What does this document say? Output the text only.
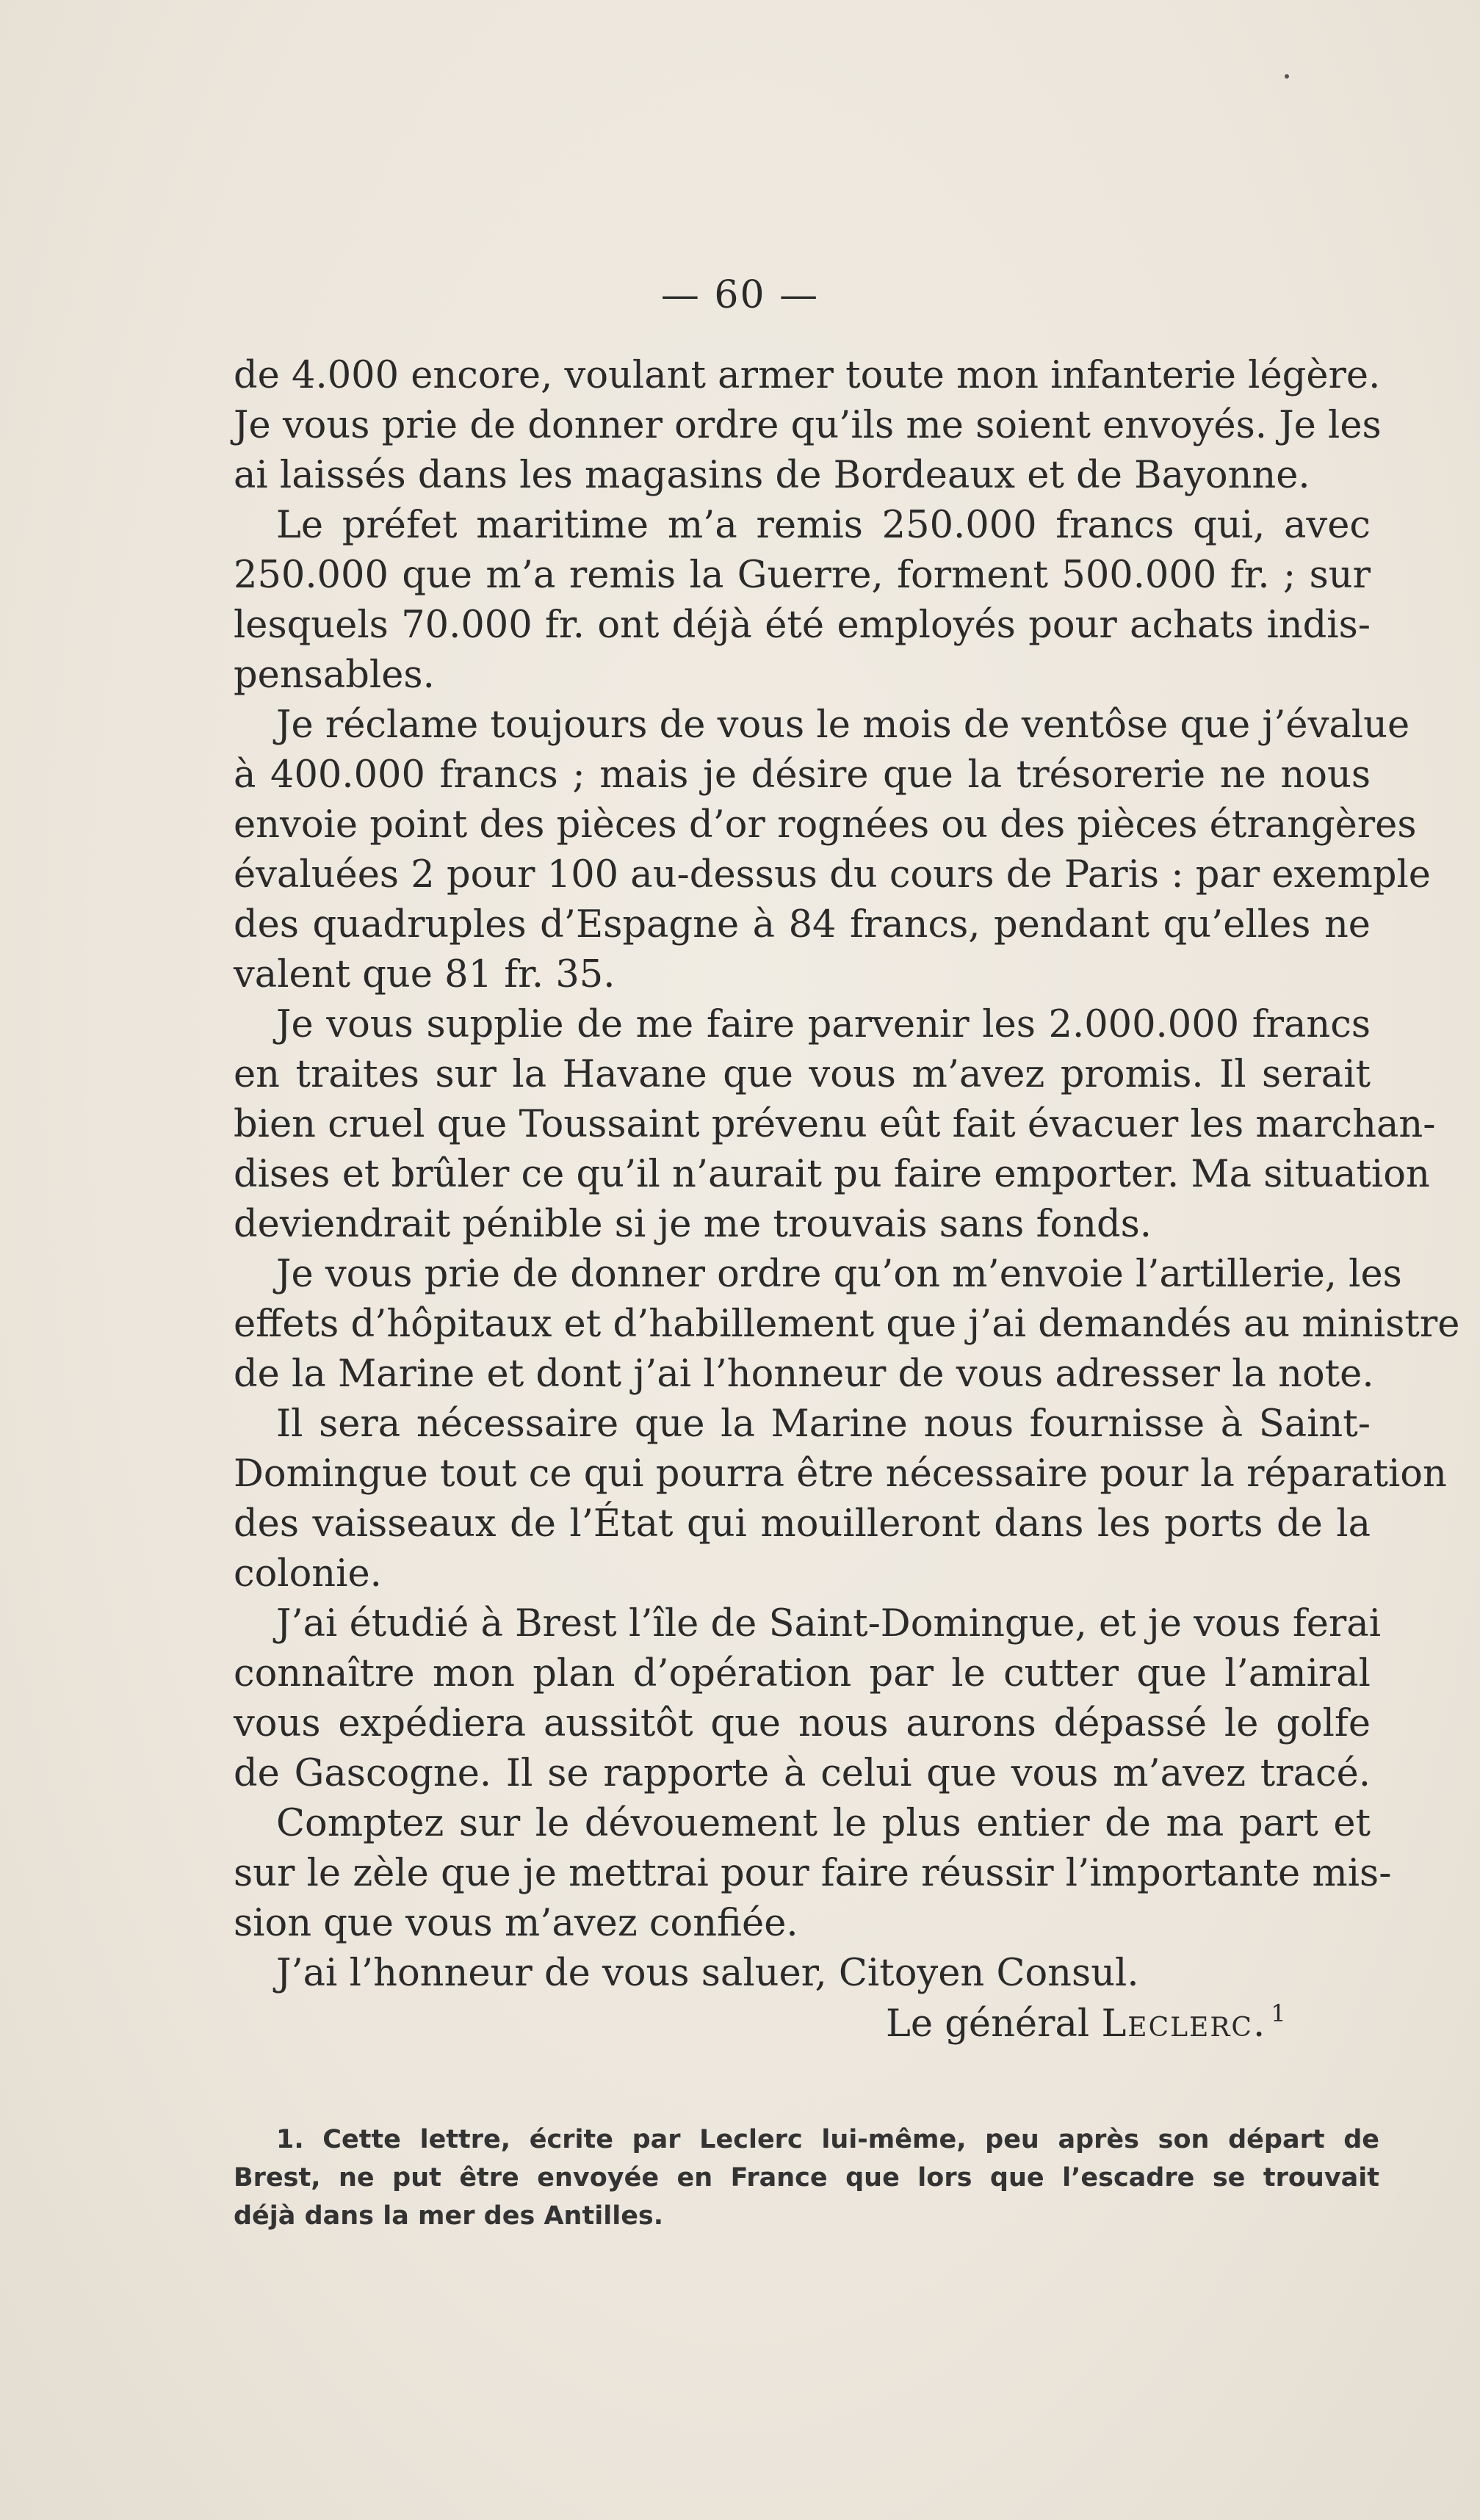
— 60 —
de 4.000 encore, voulant armer toute mon infanterie légère.
Je vous prie de donner ordre qu’ils me soient envoyés. Je les
ai laissés dans les magasins de Bordeaux et de Bayonne.
Le préfet maritime m’a remis 250.000 francs qui, avec
250.000 que m’a remis la Guerre, forment 500.000 fr. ; sur
lesquels 70.000 fr. ont déjà été employés pour achats indis-
pensables.
Je réclame toujours de vous le mois de ventôse que j’évalue
à 400.000 francs ; mais je désire que la trésorerie ne nous
envoie point des pièces d’or rognées ou des pièces étrangères
évaluées 2 pour 100 au-dessus du cours de Paris : par exemple
des quadruples d’Espagne à 84 francs, pendant qu’elles ne
valent que 81 fr. 35.
Je vous supplie de me faire parvenir les 2.000.000 francs
en traites sur la Havane que vous m’avez promis. Il serait
bien cruel que Toussaint prévenu eût fait évacuer les marchan-
dises et brûler ce qu’il n’aurait pu faire emporter. Ma situation
deviendrait pénible si je me trouvais sans fonds.
Je vous prie de donner ordre qu’on m’envoie l’artillerie, les
effets d’hôpitaux et d’habillement que j’ai demandés au ministre
de la Marine et dont j’ai l’honneur de vous adresser la note.
Il sera nécessaire que la Marine nous fournisse à Saint-
Domingue tout ce qui pourra être nécessaire pour la réparation
des vaisseaux de l’État qui mouilleront dans les ports de la
colonie.
J’ai étudié à Brest l’île de Saint-Domingue, et je vous ferai
connaître mon plan d’opération par le cutter que l’amiral
vous expédiera aussitôt que nous aurons dépassé le golfe
de Gascogne. Il se rapporte à celui que vous m’avez tracé.
Comptez sur le dévouement le plus entier de ma part et
sur le zèle que je mettrai pour faire réussir l’importante mis-
sion que vous m’avez confiée.
J’ai l’honneur de vous saluer, Citoyen Consul.
Le général Leclerc. $^1$
1. Cette lettre, écrite par Leclerc lui-même, peu après son départ de
Brest, ne put être envoyée en France que lors que l’escadre se trouvait
déjà dans la mer des Antilles.
